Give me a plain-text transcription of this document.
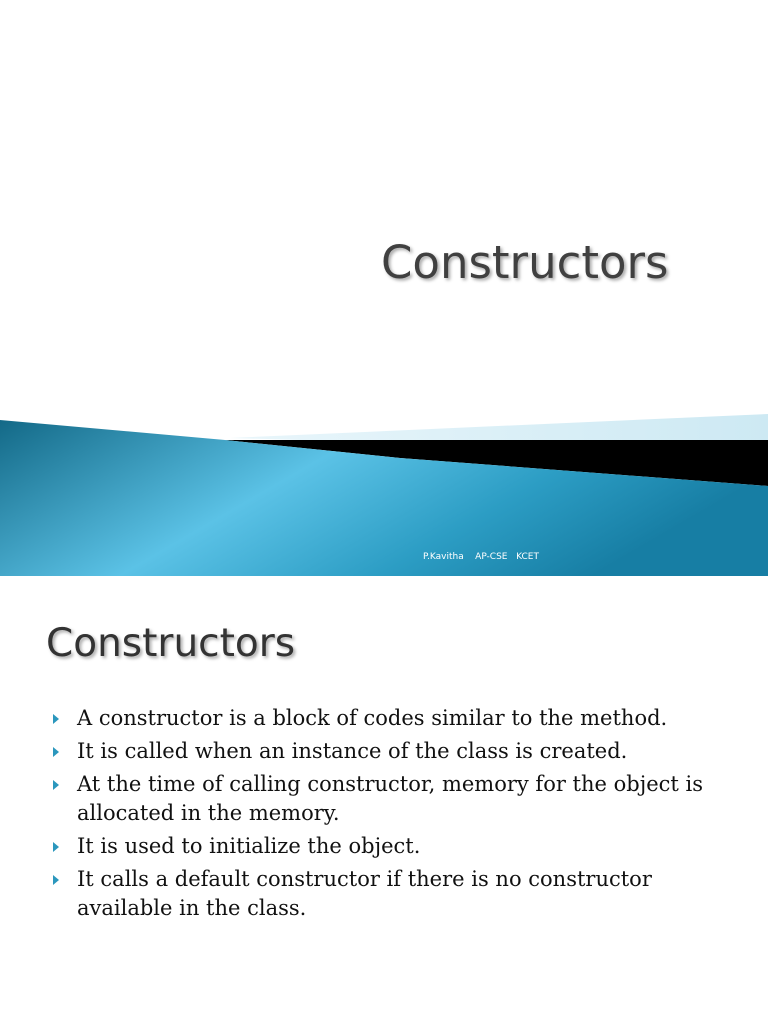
Constructors

P.Kavitha    AP-CSE   KCET

Constructors
A constructor is a block of codes similar to the method.
It is called when an instance of the class is created.
At the time of calling constructor, memory for the object is allocated in the memory.
It is used to initialize the object.
It calls a default constructor if there is no constructor available in the class.
